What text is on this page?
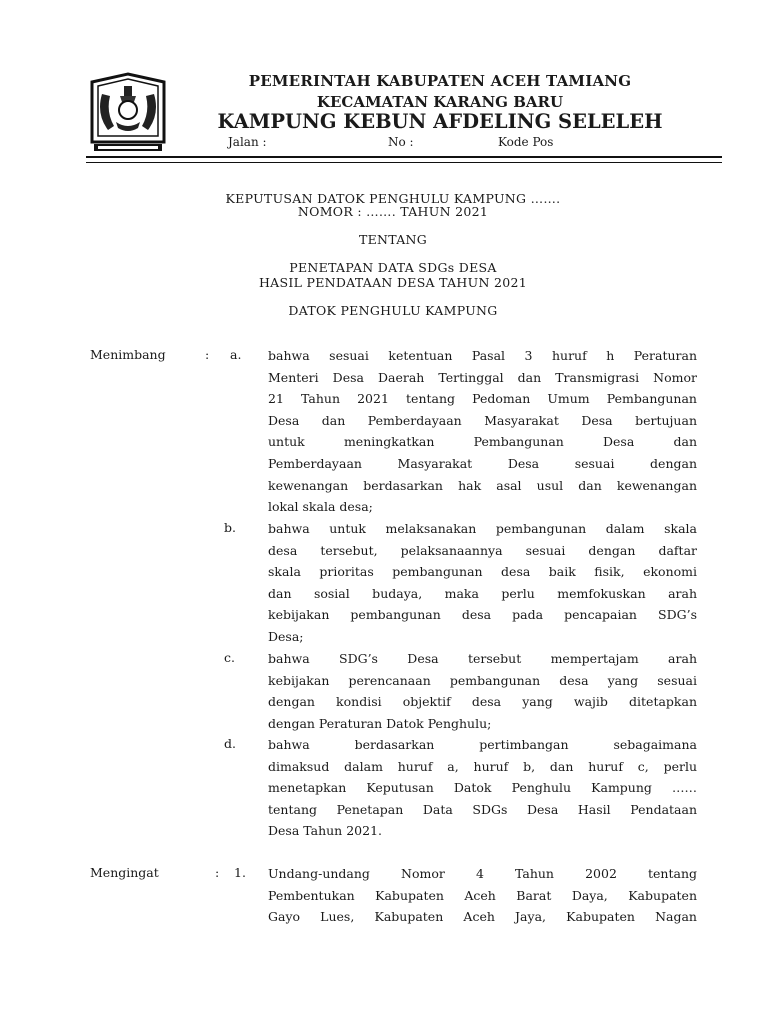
PEMERINTAH KABUPATEN ACEH TAMIANG
KECAMATAN KARANG BARU
KAMPUNG KEBUN AFDELING SELELEH
Jalan :	No :	Kode Pos
KEPUTUSAN DATOK PENGHULU KAMPUNG …….
NOMOR : ……. TAHUN 2021
TENTANG
PENETAPAN DATA SDGs DESA
HASIL PENDATAAN DESA TAHUN 2021
DATOK PENGHULU KAMPUNG
Menimbang	: a. bahwa sesuai ketentuan Pasal 3 huruf h Peraturan
Menteri Desa Daerah Tertinggal dan Transmigrasi Nomor
21 Tahun 2021 tentang Pedoman Umum Pembangunan
Desa dan Pemberdayaan Masyarakat Desa bertujuan
untuk meningkatkan Pembangunan Desa dan
Pemberdayaan Masyarakat Desa sesuai dengan
kewenangan berdasarkan hak asal usul dan kewenangan
lokal skala desa;
b.	bahwa untuk melaksanakan pembangunan dalam skala
desa tersebut, pelaksanaannya sesuai dengan daftar
skala prioritas pembangunan desa baik fisik, ekonomi
dan sosial budaya, maka perlu memfokuskan arah
kebijakan pembangunan desa pada pencapaian SDG’s
Desa;
c.	bahwa SDG’s Desa tersebut mempertajam arah
kebijakan perencanaan pembangunan desa yang sesuai
dengan kondisi objektif desa yang wajib ditetapkan
dengan Peraturan Datok Penghulu;
d.	bahwa berdasarkan pertimbangan sebagaimana
dimaksud dalam huruf a, huruf b, dan huruf c, perlu
menetapkan Keputusan Datok Penghulu Kampung ……
tentang Penetapan Data SDGs Desa Hasil Pendataan
Desa Tahun 2021.
Mengingat	: 1. Undang-undang Nomor 4 Tahun 2002 tentang
Pembentukan Kabupaten Aceh Barat Daya, Kabupaten
Gayo Lues, Kabupaten Aceh Jaya, Kabupaten Nagan
